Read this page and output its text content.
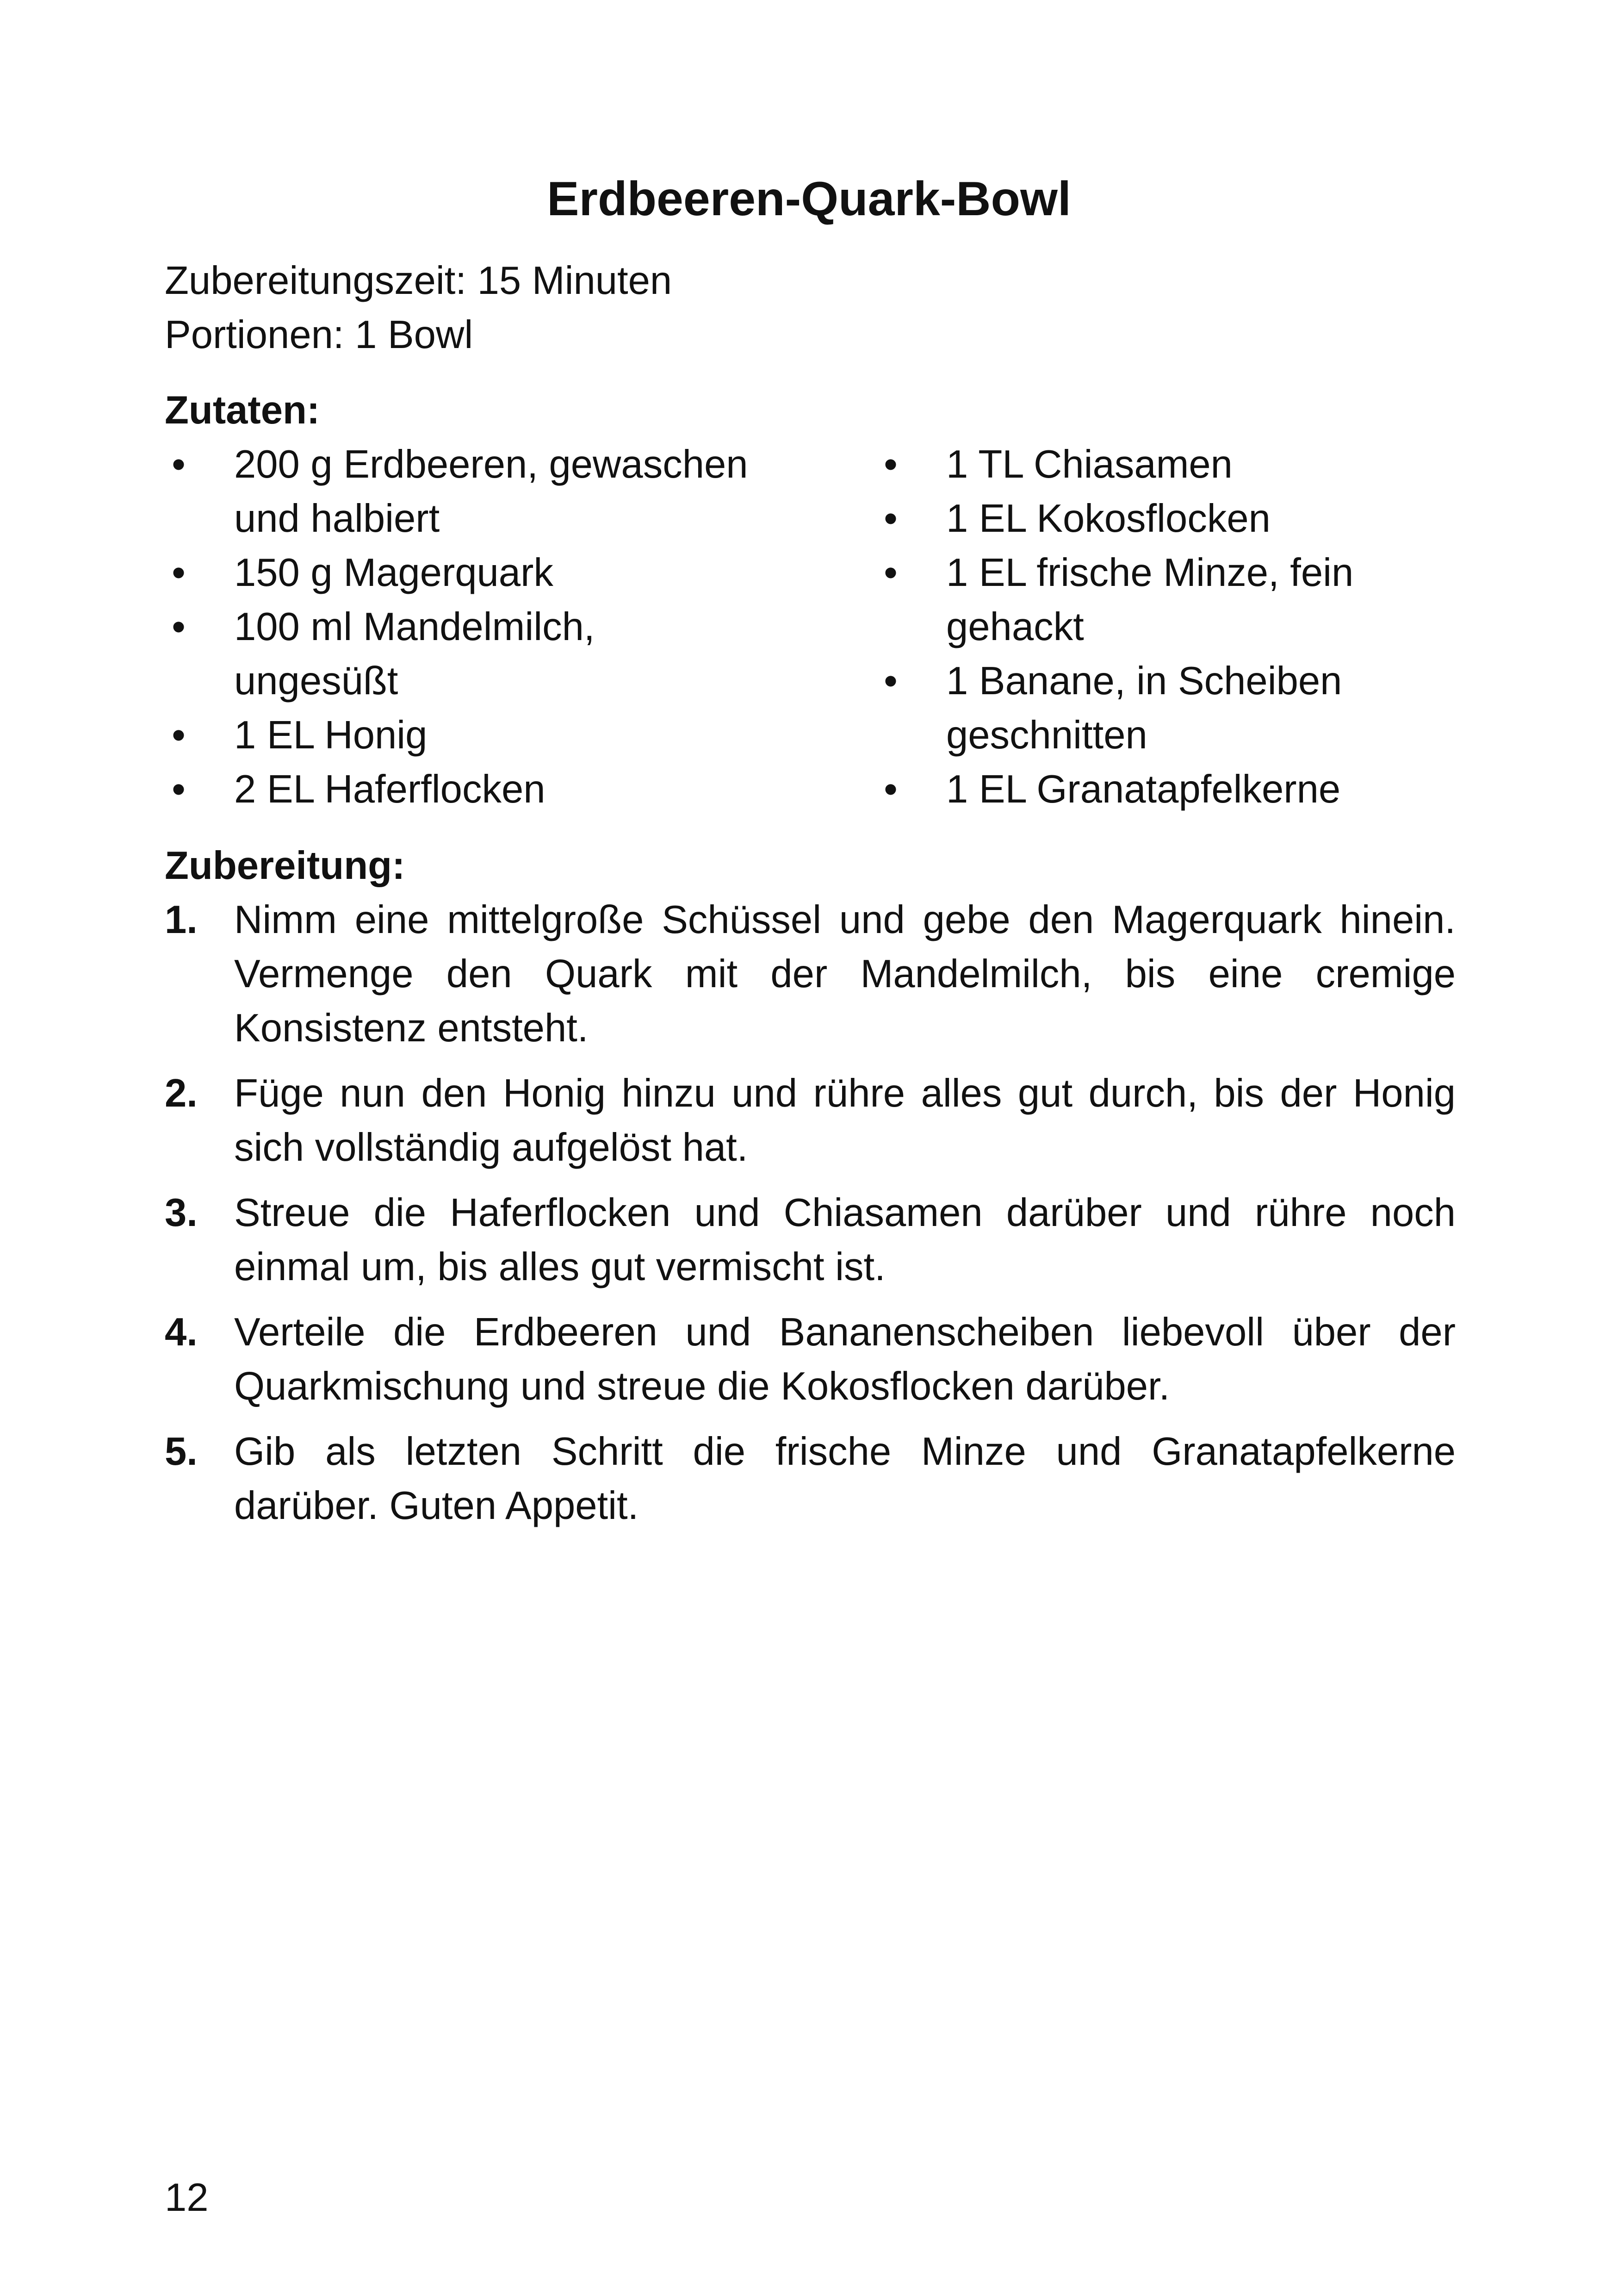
Erdbeeren-Quark-Bowl
Zubereitungszeit: 15 Minuten
Portionen: 1 Bowl
Zutaten:
• 200 g Erdbeeren, gewaschen und halbiert
• 150 g Magerquark
• 100 ml Mandelmilch, ungesüßt
• 1 EL Honig
• 2 EL Haferflocken
• 1 TL Chiasamen
• 1 EL Kokosflocken
• 1 EL frische Minze, fein gehackt
• 1 Banane, in Scheiben geschnitten
• 1 EL Granatapfelkerne
Zubereitung:
1. Nimm eine mittelgroße Schüssel und gebe den Magerquark hinein. Vermenge den Quark mit der Mandelmilch, bis eine cremige Konsistenz entsteht.
2. Füge nun den Honig hinzu und rühre alles gut durch, bis der Honig sich vollständig aufgelöst hat.
3. Streue die Haferflocken und Chiasamen darüber und rühre noch einmal um, bis alles gut vermischt ist.
4. Verteile die Erdbeeren und Bananenscheiben liebevoll über der Quarkmischung und streue die Kokosflocken darüber.
5. Gib als letzten Schritt die frische Minze und Granatapfelkerne darüber. Guten Appetit.
12
